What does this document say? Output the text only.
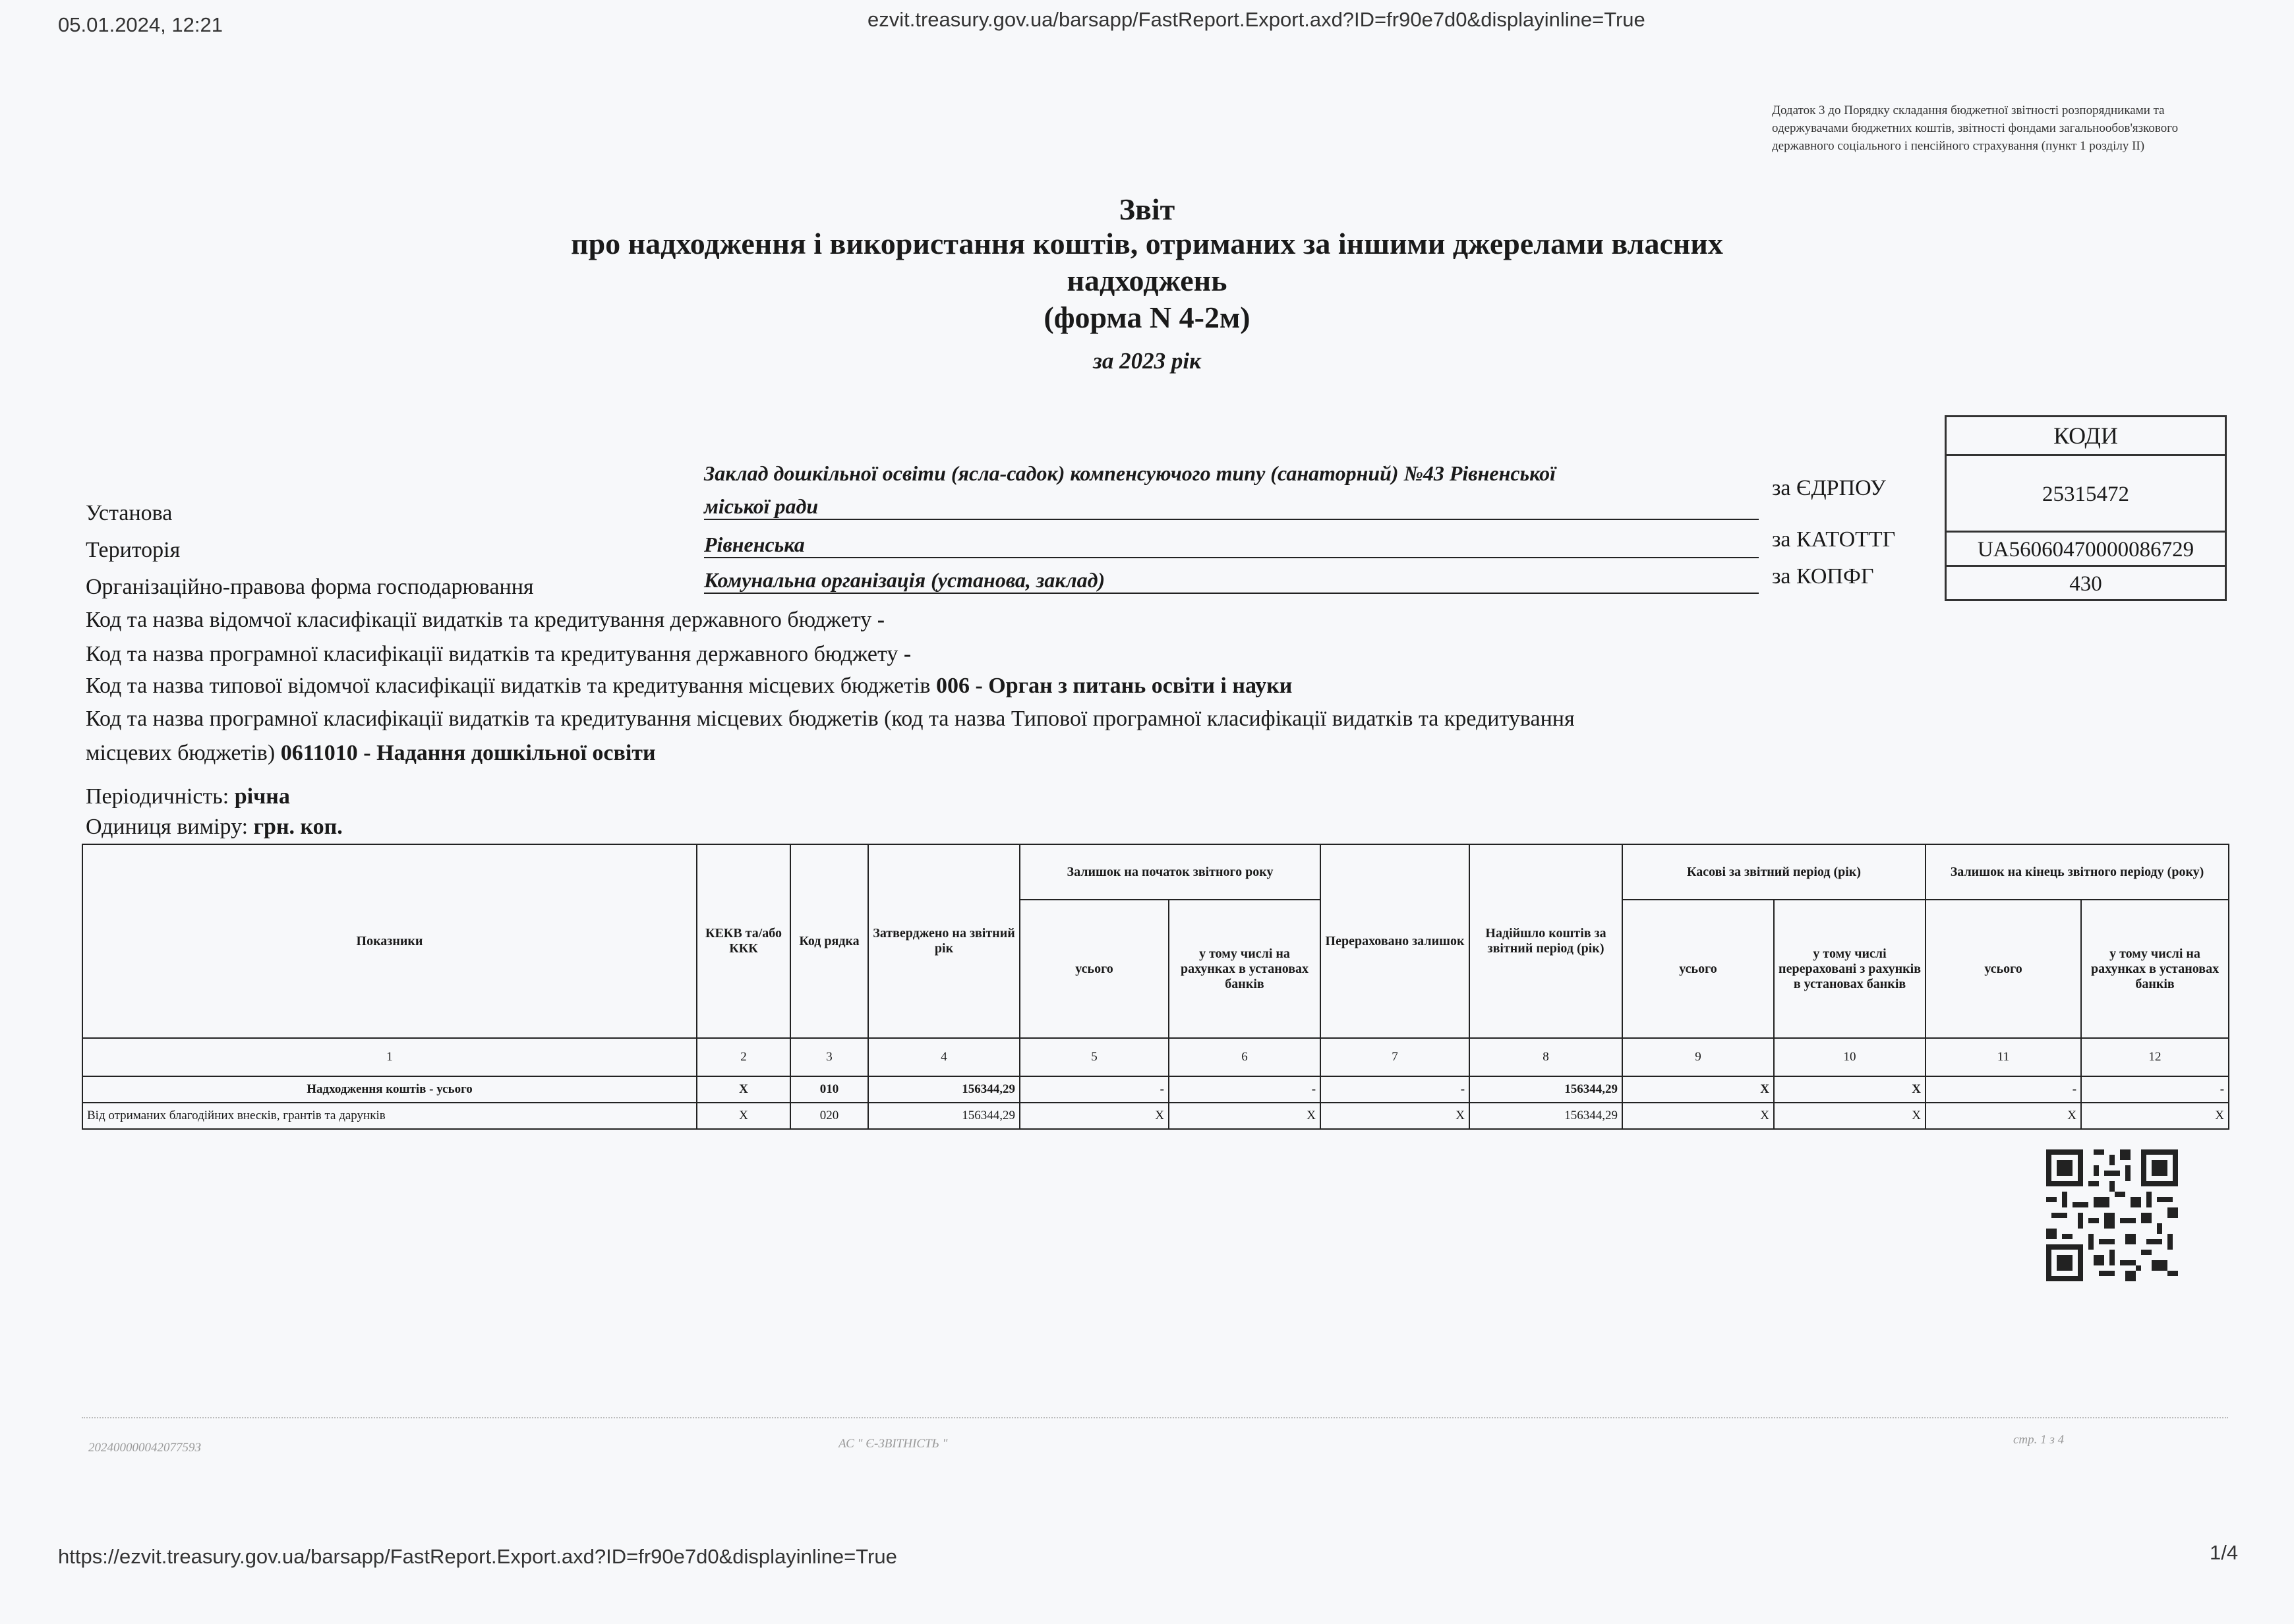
05.01.2024, 12:21	ezvit.treasury.gov.ua/barsapp/FastReport.Export.axd?ID=fr90e7d0&displayinline=True
https://ezvit.treasury.gov.ua/barsapp/FastReport.Export.axd?ID=fr90e7d0&displayinline=True	1/4
Додаток 3 до Порядку складання бюджетної звітності розпорядниками та одержувачами бюджетних коштів, звітності фондами загальнообов'язкового державного соціального і пенсійного страхування (пункт 1 розділу II)
Звіт
про надходження і використання коштів, отриманих за іншими джерелами власних
надходжень
(форма N 4-2м)
за 2023 рік
КОДИ
25315472
UA56060470000086729
430
за ЄДРПОУ
за КАТОТТГ
за КОПФГ
Установа
Заклад дошкільної освіти (ясла-садок) компенсуючого типу (санаторний) №43 Рівненської
міської ради
Територія	Рівненська
Організаційно-правова форма господарювання	Комунальна організація (установа, заклад)
Код та назва відомчої класифікації видатків та кредитування державного бюджету -
Код та назва програмної класифікації видатків та кредитування державного бюджету -
Код та назва типової відомчої класифікації видатків та кредитування місцевих бюджетів 006 - Орган з питань освіти і науки
Код та назва програмної класифікації видатків та кредитування місцевих бюджетів (код та назва Типової програмної класифікації видатків та кредитування
місцевих бюджетів) 0611010 - Надання дошкільної освіти
Періодичність: річна
Одиниця виміру: грн. коп.
Показники	КЕКВ та/або ККК	Код рядка	Затверджено на звітний рік	Залишок на початок звітного року		Перераховано залишок	Надійшло коштів за звітний період (рік)	Касові за звітний період (рік)		Залишок на кінець звітного періоду (року)	
								усього	у тому числі перераховані з рахунків в установах банків		
				усього	у тому числі на рахунках в установах банків					усього	у тому числі на рахунках в установах банків
1	2	3	4	5	6	7	8	9	10	11	12
Надходження коштів - усього	X	010	156344,29	-	-	-	156344,29	X	X	-	-
Від отриманих благодійних внесків, грантів та дарунків	X	020	156344,29	X	X	X	156344,29	X	X	X	X
20240000004207759З	АС " Є-ЗВІТНІСТЬ "	стр. 1 з 4
